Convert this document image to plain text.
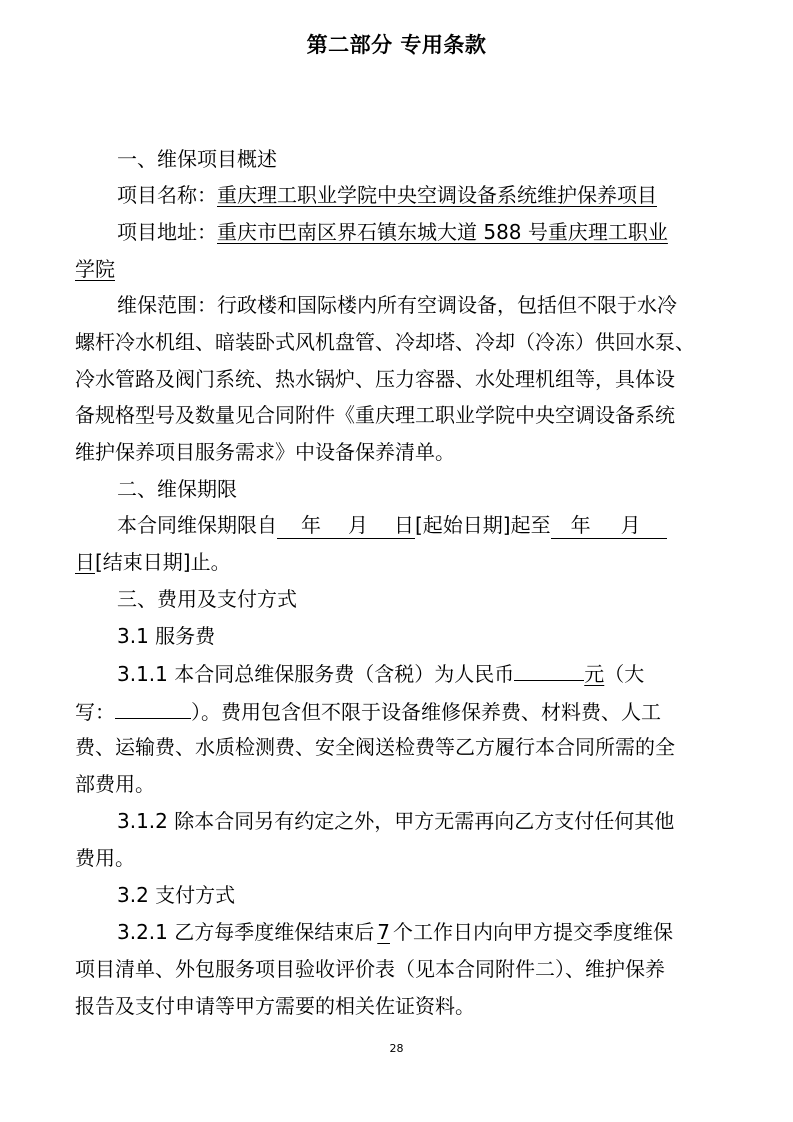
第二部分 专用条款
一、维保项目概述
项目名称：重庆理工职业学院中央空调设备系统维护保养项目
项目地址：重庆市巴南区界石镇东城大道 588 号重庆理工职业
学院
维保范围：行政楼和国际楼内所有空调设备，包括但不限于水冷
螺杆冷水机组、暗装卧式风机盘管、冷却塔、冷却（冷冻）供回水泵、
冷水管路及阀门系统、热水锅炉、压力容器、水处理机组等，具体设
备规格型号及数量见合同附件《重庆理工职业学院中央空调设备系统
维护保养项目服务需求》中设备保养清单。
二、维保期限
本合同维保期限自 年 月 日[起始日期]起至 年 月
日[结束日期]止。
三、费用及支付方式
3.1 服务费
3.1.1 本合同总维保服务费（含税）为人民币	元（大
写：	）。费用包含但不限于设备维修保养费、材料费、人工
费、运输费、水质检测费、安全阀送检费等乙方履行本合同所需的全
部费用。
3.1.2 除本合同另有约定之外，甲方无需再向乙方支付任何其他
费用。
3.2 支付方式
3.2.1 乙方每季度维保结束后 7 个工作日内向甲方提交季度维保
项目清单、外包服务项目验收评价表（见本合同附件二）、维护保养
报告及支付申请等甲方需要的相关佐证资料。
28
